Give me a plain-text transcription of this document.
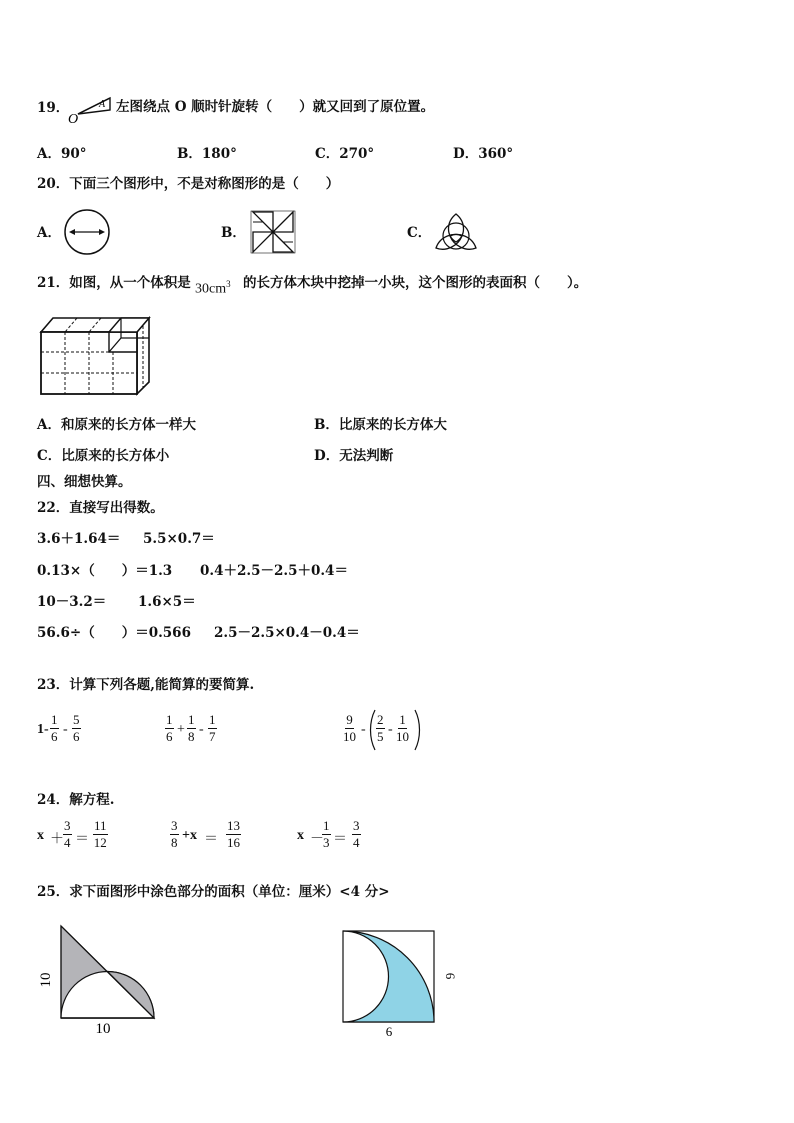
19．
O
A 左图绕点 O 顺时针旋转（　　）就又回到了原位置。
A．90°	B．180°	C．270°	D．360°
20．下面三个图形中，不是对称图形的是（　　）
A．	B．	C．
21．如图，从一个体积是 $30cm^3$ 的长方体木块中挖掉一小块，这个图形的表面积（　　）。
A．和原来的长方体一样大	B．比原来的长方体大
C．比原来的长方体小	D．无法判断
四、细想快算。
22．直接写出得数。
3.6＋1.64＝ 5.5×0.7＝
0.13×（　　）＝1.3 0.4＋2.5－2.5＋0.4＝
10－3.2＝ 1.6×5＝
56.6÷（　　）＝0.566 2.5－2.5×0.4－0.4＝
23．计算下列各题,能简算的要简算.
$1- \frac{1}{6} - \frac{5}{6}$	$\frac{1}{6} + \frac{1}{8} - \frac{1}{7}$	$\frac{9}{10} - \frac{2}{5} - \frac{1}{10}$
24．解方程.
$x + \frac{3}{4} = \frac{11}{12}$	$\frac{3}{8} +x = \frac{13}{16}$	x －
$\frac{1}{3} = \frac{3}{4}$
25．求下面图形中涂色部分的面积（单位：厘米）<4 分>
10
10
6
6
